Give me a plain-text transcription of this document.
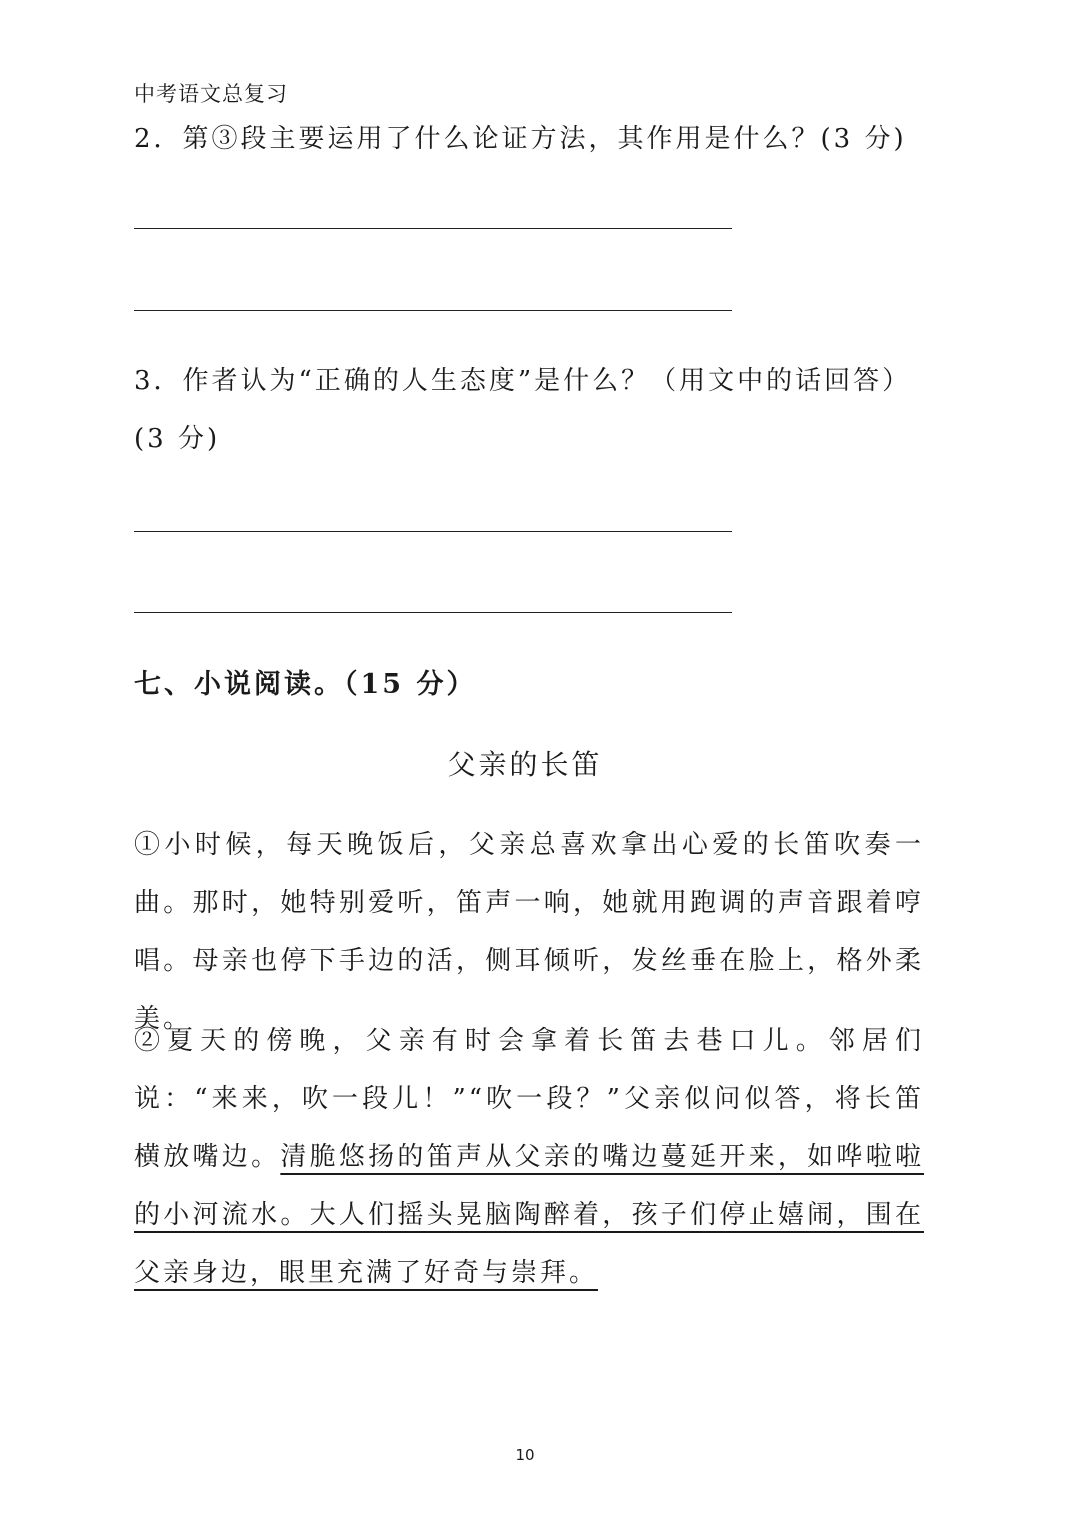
中考语文总复习
2．第③段主要运用了什么论证方法，其作用是什么？(3 分)
3．作者认为“正确的人生态度”是什么？（用文中的话回答）(3 分)
七、小说阅读。（15 分）
父亲的长笛
①小时候，每天晚饭后，父亲总喜欢拿出心爱的长笛吹奏一曲。那时，她特别爱听，笛声一响，她就用跑调的声音跟着哼唱。母亲也停下手边的活，侧耳倾听，发丝垂在脸上，格外柔美。
②夏天的傍晚，父亲有时会拿着长笛去巷口儿。邻居们说：“来来，吹一段儿！”“吹一段？”父亲似问似答，将长笛横放嘴边。清脆悠扬的笛声从父亲的嘴边蔓延开来，如哗啦啦的小河流水。大人们摇头晃脑陶醉着，孩子们停止嬉闹，围在父亲身边，眼里充满了好奇与崇拜。
10
